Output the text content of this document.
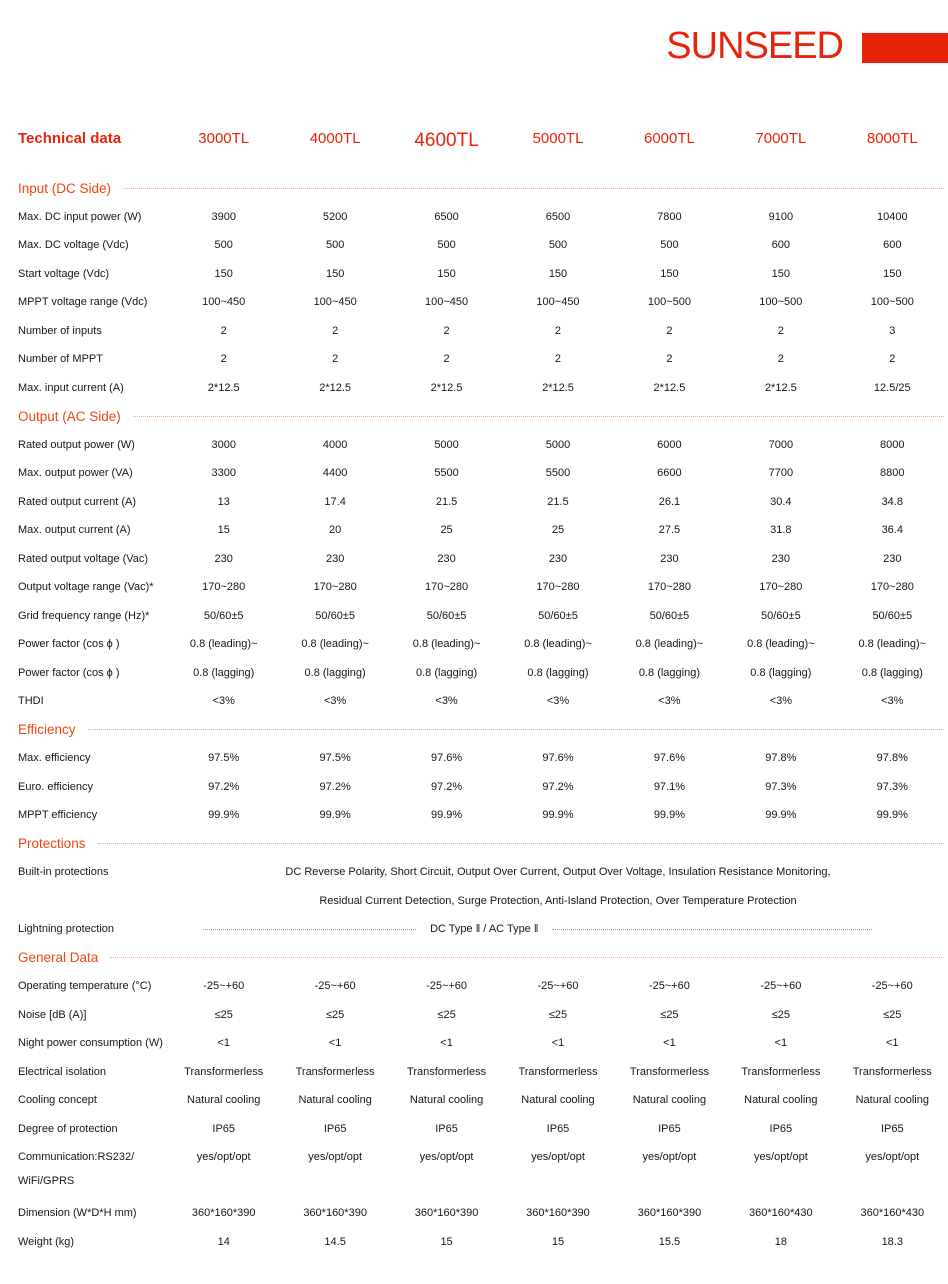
SUNSEED
Technical data	3000TL	4000TL	4600TL	5000TL	6000TL	7000TL	8000TL
Input (DC Side)
Max. DC input power (W)	3900	5200	6500	6500	7800	9100	10400
Max. DC voltage (Vdc)	500	500	500	500	500	600	600
Start voltage (Vdc)	150	150	150	150	150	150	150
MPPT voltage range (Vdc)	100~450	100~450	100~450	100~450	100~500	100~500	100~500
Number of inputs	2	2	2	2	2	2	3
Number of MPPT	2	2	2	2	2	2	2
Max. input current (A)	2*12.5	2*12.5	2*12.5	2*12.5	2*12.5	2*12.5	12.5/25
Output (AC Side)
Rated output power (W)	3000	4000	5000	5000	6000	7000	8000
Max. output power (VA)	3300	4400	5500	5500	6600	7700	8800
Rated output current (A)	13	17.4	21.5	21.5	26.1	30.4	34.8
Max. output current (A)	15	20	25	25	27.5	31.8	36.4
Rated output voltage (Vac)	230	230	230	230	230	230	230
Output voltage range (Vac)*	170~280	170~280	170~280	170~280	170~280	170~280	170~280
Grid frequency range (Hz)*	50/60±5	50/60±5	50/60±5	50/60±5	50/60±5	50/60±5	50/60±5
Power factor (cos ϕ )	0.8 (leading)~	0.8 (leading)~	0.8 (leading)~	0.8 (leading)~	0.8 (leading)~	0.8 (leading)~	0.8 (leading)~
Power factor (cos ϕ )	0.8 (lagging)	0.8 (lagging)	0.8 (lagging)	0.8 (lagging)	0.8 (lagging)	0.8 (lagging)	0.8 (lagging)
THDI	<3%	<3%	<3%	<3%	<3%	<3%	<3%
Efficiency
Max. efficiency	97.5%	97.5%	97.6%	97.6%	97.6%	97.8%	97.8%
Euro. efficiency	97.2%	97.2%	97.2%	97.2%	97.1%	97.3%	97.3%
MPPT efficiency	99.9%	99.9%	99.9%	99.9%	99.9%	99.9%	99.9%
Protections
Built-in protections	DC Reverse Polarity, Short Circuit, Output Over Current, Output Over Voltage, Insulation Resistance Monitoring,
Residual Current Detection, Surge Protection, Anti-Island Protection, Over Temperature Protection
Lightning protection	DC Type ‖ / AC Type ‖
General Data
Operating temperature (°C)	-25~+60	-25~+60	-25~+60	-25~+60	-25~+60	-25~+60	-25~+60
Noise [dB (A)]	≤25	≤25	≤25	≤25	≤25	≤25	≤25
Night power consumption (W)	<1	<1	<1	<1	<1	<1	<1
Electrical isolation	Transformerless	Transformerless	Transformerless	Transformerless	Transformerless	Transformerless	Transformerless
Cooling concept	Natural cooling	Natural cooling	Natural cooling	Natural cooling	Natural cooling	Natural cooling	Natural cooling
Degree of protection	IP65	IP65	IP65	IP65	IP65	IP65	IP65
Communication:RS232/
WiFi/GPRS
yes/opt/opt	yes/opt/opt	yes/opt/opt	yes/opt/opt	yes/opt/opt	yes/opt/opt	yes/opt/opt
Dimension (W*D*H mm)	360*160*390	360*160*390	360*160*390	360*160*390	360*160*390	360*160*430	360*160*430
Weight (kg)	14	14.5	15	15	15.5	18	18.3
